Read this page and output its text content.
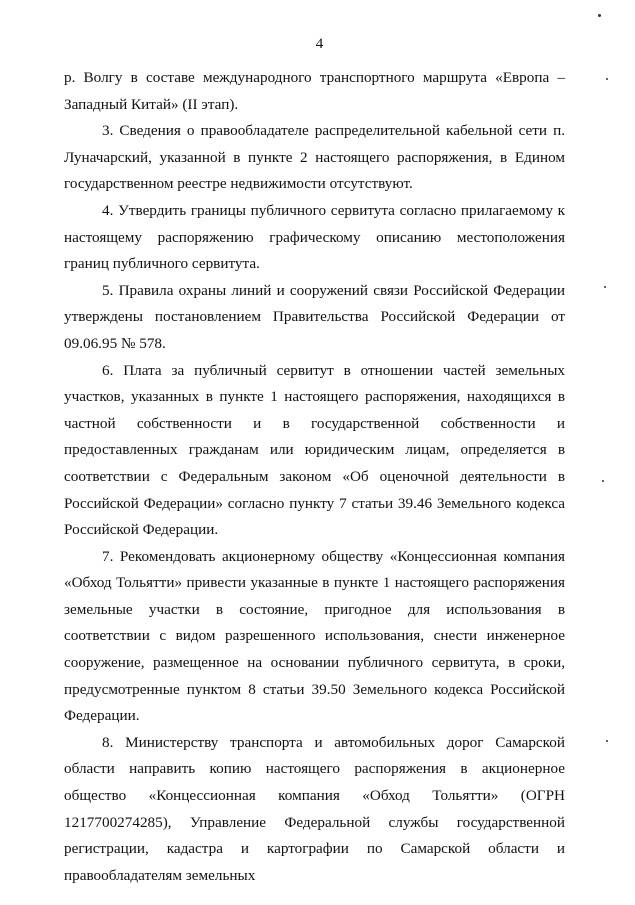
4

р. Волгу в составе международного транспортного маршрута «Европа – Западный Китай» (II этап).

3. Сведения о правообладателе распределительной кабельной сети п. Луначарский, указанной в пункте 2 настоящего распоряжения, в Едином государственном реестре недвижимости отсутствуют.

4. Утвердить границы публичного сервитута согласно прилагаемому к настоящему распоряжению графическому описанию местоположения границ публичного сервитута.

5. Правила охраны линий и сооружений связи Российской Федерации утверждены постановлением Правительства Российской Федерации от 09.06.95 № 578.

6. Плата за публичный сервитут в отношении частей земельных участков, указанных в пункте 1 настоящего распоряжения, находящихся в частной собственности и в государственной собственности и предоставленных гражданам или юридическим лицам, определяется в соответствии с Федеральным законом «Об оценочной деятельности в Российской Федерации» согласно пункту 7 статьи 39.46 Земельного кодекса Российской Федерации.

7. Рекомендовать акционерному обществу «Концессионная компания «Обход Тольятти» привести указанные в пункте 1 настоящего распоряжения земельные участки в состояние, пригодное для использования в соответствии с видом разрешенного использования, снести инженерное сооружение, размещенное на основании публичного сервитута, в сроки, предусмотренные пунктом 8 статьи 39.50 Земельного кодекса Российской Федерации.

8. Министерству транспорта и автомобильных дорог Самарской области направить копию настоящего распоряжения в акционерное общество «Концессионная компания «Обход Тольятти» (ОГРН 1217700274285), Управление Федеральной службы государственной регистрации, кадастра и картографии по Самарской области и правообладателям земельных
